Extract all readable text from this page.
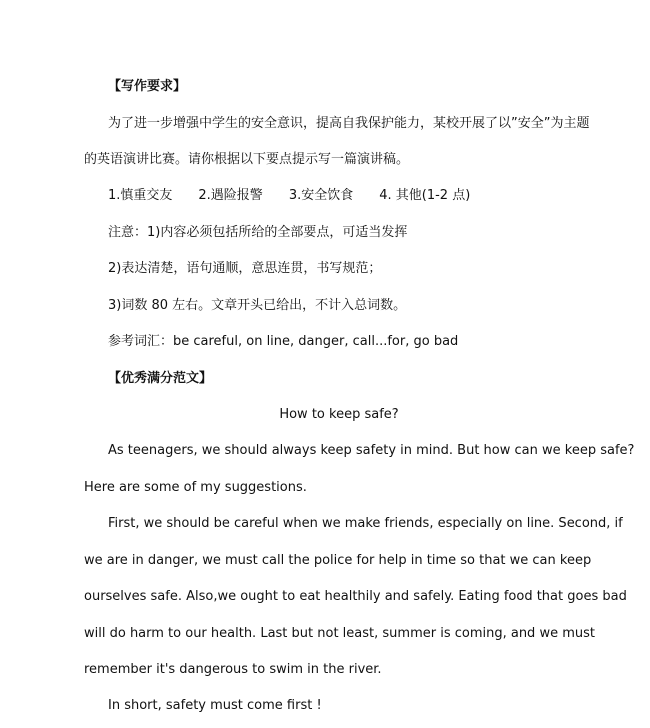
【写作要求】
为了进一步增强中学生的安全意识，提高自我保护能力，某校开展了以”安全”为主题
的英语演讲比赛。请你根据以下要点提示写一篇演讲稿。
1.慎重交友 2.遇险报警 3.安全饮食 4. 其他(1-2 点)
注意：1)内容必须包括所给的全部要点，可适当发挥
2)表达清楚，语句通顺，意思连贯，书写规范；
3)词数 80 左右。文章开头已给出，不计入总词数。
参考词汇：be careful, on line, danger, call...for, go bad
【优秀满分范文】
How to keep safe?
As teenagers, we should always keep safety in mind. But how can we keep safe?
Here are some of my suggestions.
First, we should be careful when we make friends, especially on line. Second, if
we are in danger, we must call the police for help in time so that we can keep
ourselves safe. Also,we ought to eat healthily and safely. Eating food that goes bad
will do harm to our health. Last but not least, summer is coming, and we must
remember it's dangerous to swim in the river.
In short, safety must come first !
